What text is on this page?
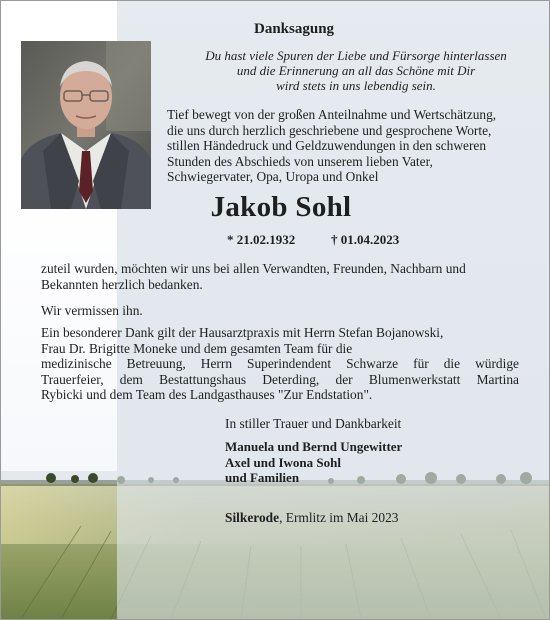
Danksagung
Du hast viele Spuren der Liebe und Fürsorge hinterlassen
und die Erinnerung an all das Schöne mit Dir
wird stets in uns lebendig sein.
Tief bewegt von der großen Anteilnahme und Wertschätzung,
die uns durch herzlich geschriebene und gesprochene Worte,
stillen Händedruck und Geldzuwendungen in den schweren
Stunden des Abschieds von unserem lieben Vater,
Schwiegervater, Opa, Uropa und Onkel
Jakob Sohl
* 21.02.1932	† 01.04.2023
zuteil wurden, möchten wir uns bei allen Verwandten, Freunden, Nachbarn und
Bekannten herzlich bedanken.
Wir vermissen ihn.
Ein besonderer Dank gilt der Hausarztpraxis mit Herrn Stefan Bojanowski,
Frau Dr. Brigitte Moneke und dem gesamten Team für die
medizinische Betreuung, Herrn Superindendent Schwarze für die würdige
Trauerfeier, dem Bestattungshaus Deterding, der Blumenwerkstatt Martina
Rybicki und dem Team des Landgasthauses "Zur Endstation".
In stiller Trauer und Dankbarkeit
Manuela und Bernd Ungewitter
Axel und Iwona Sohl
und Familien
Silkerode, Ermlitz im Mai 2023
